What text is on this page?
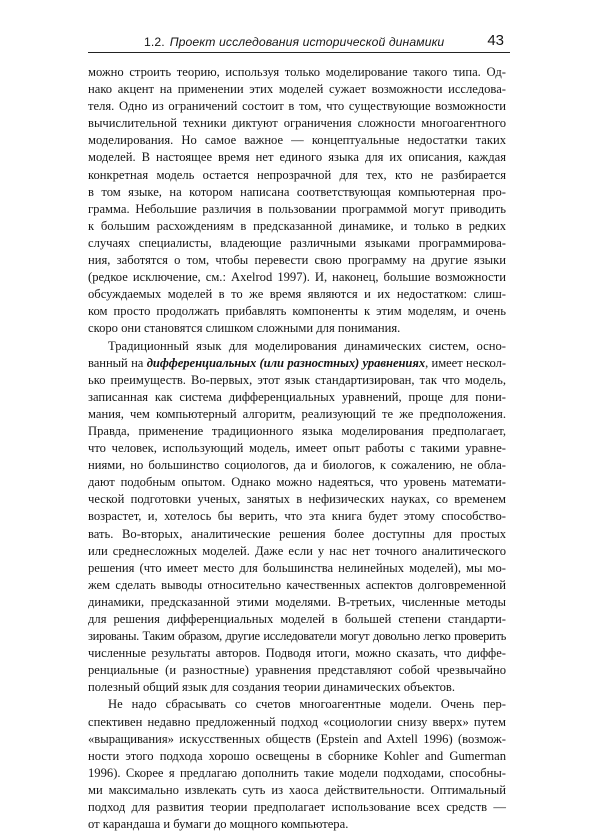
1.2. Проект исследования исторической динамики	43

можно строить теорию, используя только моделирование такого типа. Од-
нако акцент на применении этих моделей сужает возможности исследова-
теля. Одно из ограничений состоит в том, что существующие возможности
вычислительной техники диктуют ограничения сложности многоагентного
моделирования. Но самое важное — концептуальные недостатки таких
моделей. В настоящее время нет единого языка для их описания, каждая
конкретная модель остается непрозрачной для тех, кто не разбирается
в том языке, на котором написана соответствующая компьютерная про-
грамма. Небольшие различия в пользовании программой могут приводить
к большим расхождениям в предсказанной динамике, и только в редких
случаях специалисты, владеющие различными языками программирова-
ния, заботятся о том, чтобы перевести свою программу на другие языки
(редкое исключение, см.: Axelrod 1997). И, наконец, большие возможности
обсуждаемых моделей в то же время являются и их недостатком: слиш-
ком просто продолжать прибавлять компоненты к этим моделям, и очень
скоро они становятся слишком сложными для понимания.

Традиционный язык для моделирования динамических систем, осно-
ванный на дифференциальных (или разностных) уравнениях, имеет нескол-
ько преимуществ. Во-первых, этот язык стандартизирован, так что модель,
записанная как система дифференциальных уравнений, проще для пони-
мания, чем компьютерный алгоритм, реализующий те же предположения.
Правда, применение традиционного языка моделирования предполагает,
что человек, использующий модель, имеет опыт работы с такими уравне-
ниями, но большинство социологов, да и биологов, к сожалению, не обла-
дают подобным опытом. Однако можно надеяться, что уровень математи-
ческой подготовки ученых, занятых в нефизических науках, со временем
возрастет, и, хотелось бы верить, что эта книга будет этому способство-
вать. Во-вторых, аналитические решения более доступны для простых
или среднесложных моделей. Даже если у нас нет точного аналитического
решения (что имеет место для большинства нелинейных моделей), мы мо-
жем сделать выводы относительно качественных аспектов долговременной
динамики, предсказанной этими моделями. В-третьих, численные методы
для решения дифференциальных моделей в большей степени стандарти-
зированы. Таким образом, другие исследователи могут довольно легко проверить
численные результаты авторов. Подводя итоги, можно сказать, что диффе-
ренциальные (и разностные) уравнения представляют собой чрезвычайно
полезный общий язык для создания теории динамических объектов.

Не надо сбрасывать со счетов многоагентные модели. Очень пер-
спективен недавно предложенный подход «социологии снизу вверх» путем
«выращивания» искусственных обществ (Epstein and Axtell 1996) (возмож-
ности этого подхода хорошо освещены в сборнике Kohler and Gumerman
1996). Скорее я предлагаю дополнить такие модели подходами, способны-
ми максимально извлекать суть из хаоса действительности. Оптимальный
подход для развития теории предполагает использование всех средств —
от карандаша и бумаги до мощного компьютера.
